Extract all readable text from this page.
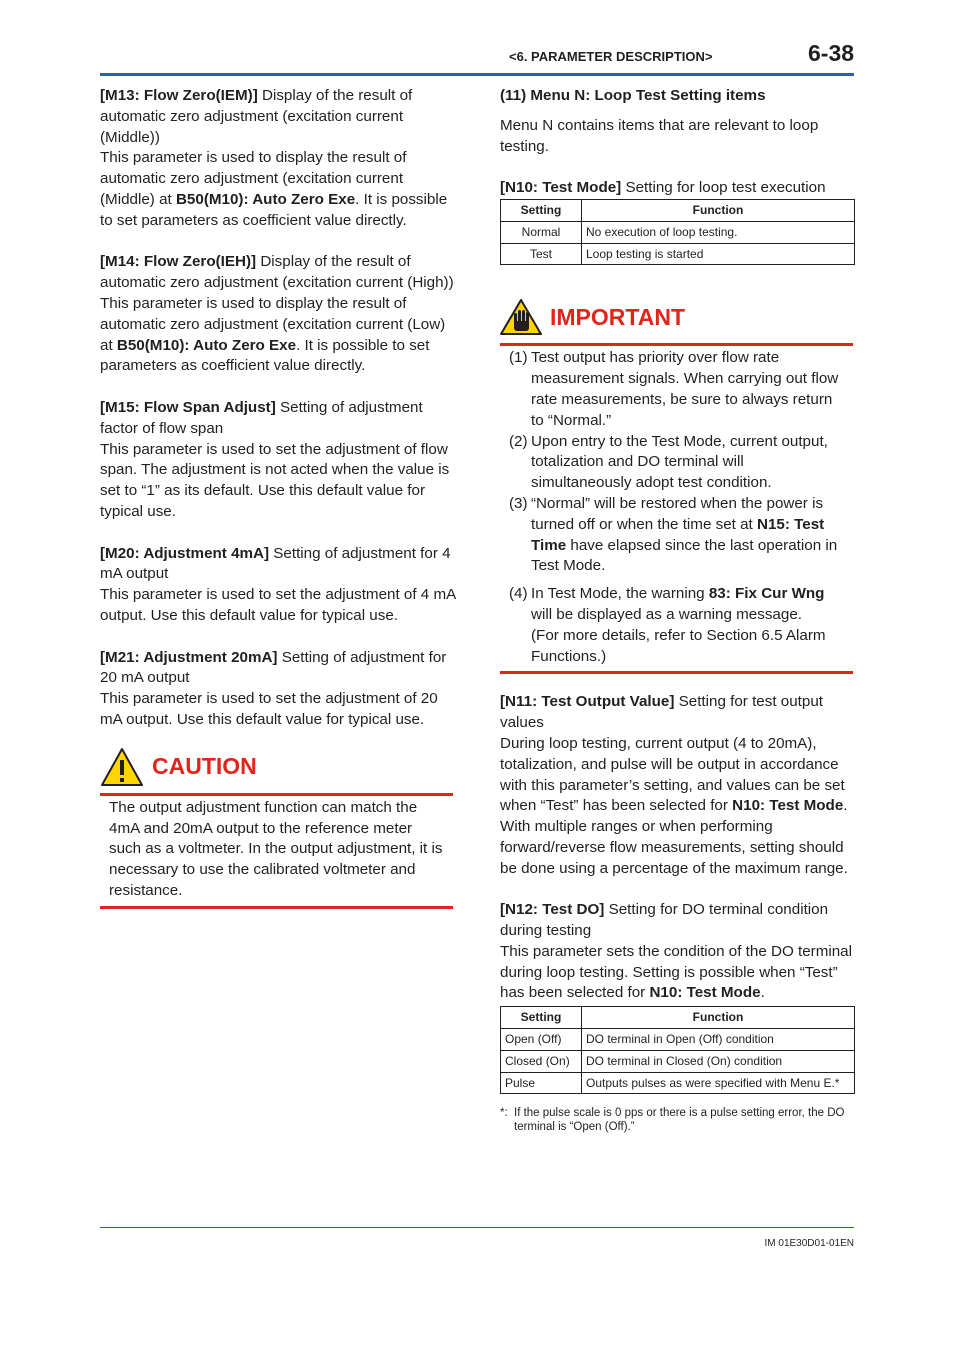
<6. PARAMETER DESCRIPTION>	6-38

[M13: Flow Zero(IEM)] Display of the result of automatic zero adjustment (excitation current (Middle))

This parameter is used to display the result of automatic zero adjustment (excitation current (Middle) at B50(M10): Auto Zero Exe. It is possible to set parameters as coefficient value directly.

[M14: Flow Zero(IEH)] Display of the result of automatic zero adjustment (excitation current (High))

This parameter is used to display the result of automatic zero adjustment (excitation current (Low) at B50(M10): Auto Zero Exe. It is possible to set parameters as coefficient value directly.

[M15: Flow Span Adjust] Setting of adjustment factor of flow span

This parameter is used to set the adjustment of flow span. The adjustment is not acted when the value is set to “1” as its default. Use this default value for typical use.

[M20: Adjustment 4mA] Setting of adjustment for 4 mA output

This parameter is used to set the adjustment of 4 mA output. Use this default value for typical use.

[M21: Adjustment 20mA] Setting of adjustment for 20 mA output

This parameter is used to set the adjustment of 20 mA output. Use this default value for typical use.

CAUTION

The output adjustment function can match the 4mA and 20mA output to the reference meter such as a voltmeter. In the output adjustment, it is necessary to use the calibrated voltmeter and resistance.

(11) Menu N: Loop Test Setting items

Menu N contains items that are relevant to loop testing.

[N10: Test Mode] Setting for loop test execution

Setting	Function
Normal	No execution of loop testing.
Test	Loop testing is started
IMPORTANT
(1) Test output has priority over flow rate measurement signals. When carrying out flow rate measurements, be sure to always return to “Normal.”
(2) Upon entry to the Test Mode, current output, totalization and DO terminal will simultaneously adopt test condition.
(3) “Normal” will be restored when the power is turned off or when the time set at N15: Test Time have elapsed since the last operation in Test Mode.
(4) In Test Mode, the warning 83: Fix Cur Wng will be displayed as a warning message.
(For more details, refer to Section 6.5 Alarm Functions.)

[N11: Test Output Value] Setting for test output values

During loop testing, current output (4 to 20mA), totalization, and pulse will be output in accordance with this parameter’s setting, and values can be set when “Test” has been selected for N10: Test Mode. With multiple ranges or when performing forward/reverse flow measurements, setting should be done using a percentage of the maximum range.

[N12: Test DO] Setting for DO terminal condition during testing

This parameter sets the condition of the DO terminal during loop testing. Setting is possible when “Test” has been selected for N10: Test Mode.

Setting	Function
Open (Off)	DO terminal in Open (Off) condition
Closed (On)	DO terminal in Closed (On) condition
Pulse	Outputs pulses as were specified with Menu E.*
*: If the pulse scale is 0 pps or there is a pulse setting error, the DO terminal is “Open (Off).”
IM 01E30D01-01EN
